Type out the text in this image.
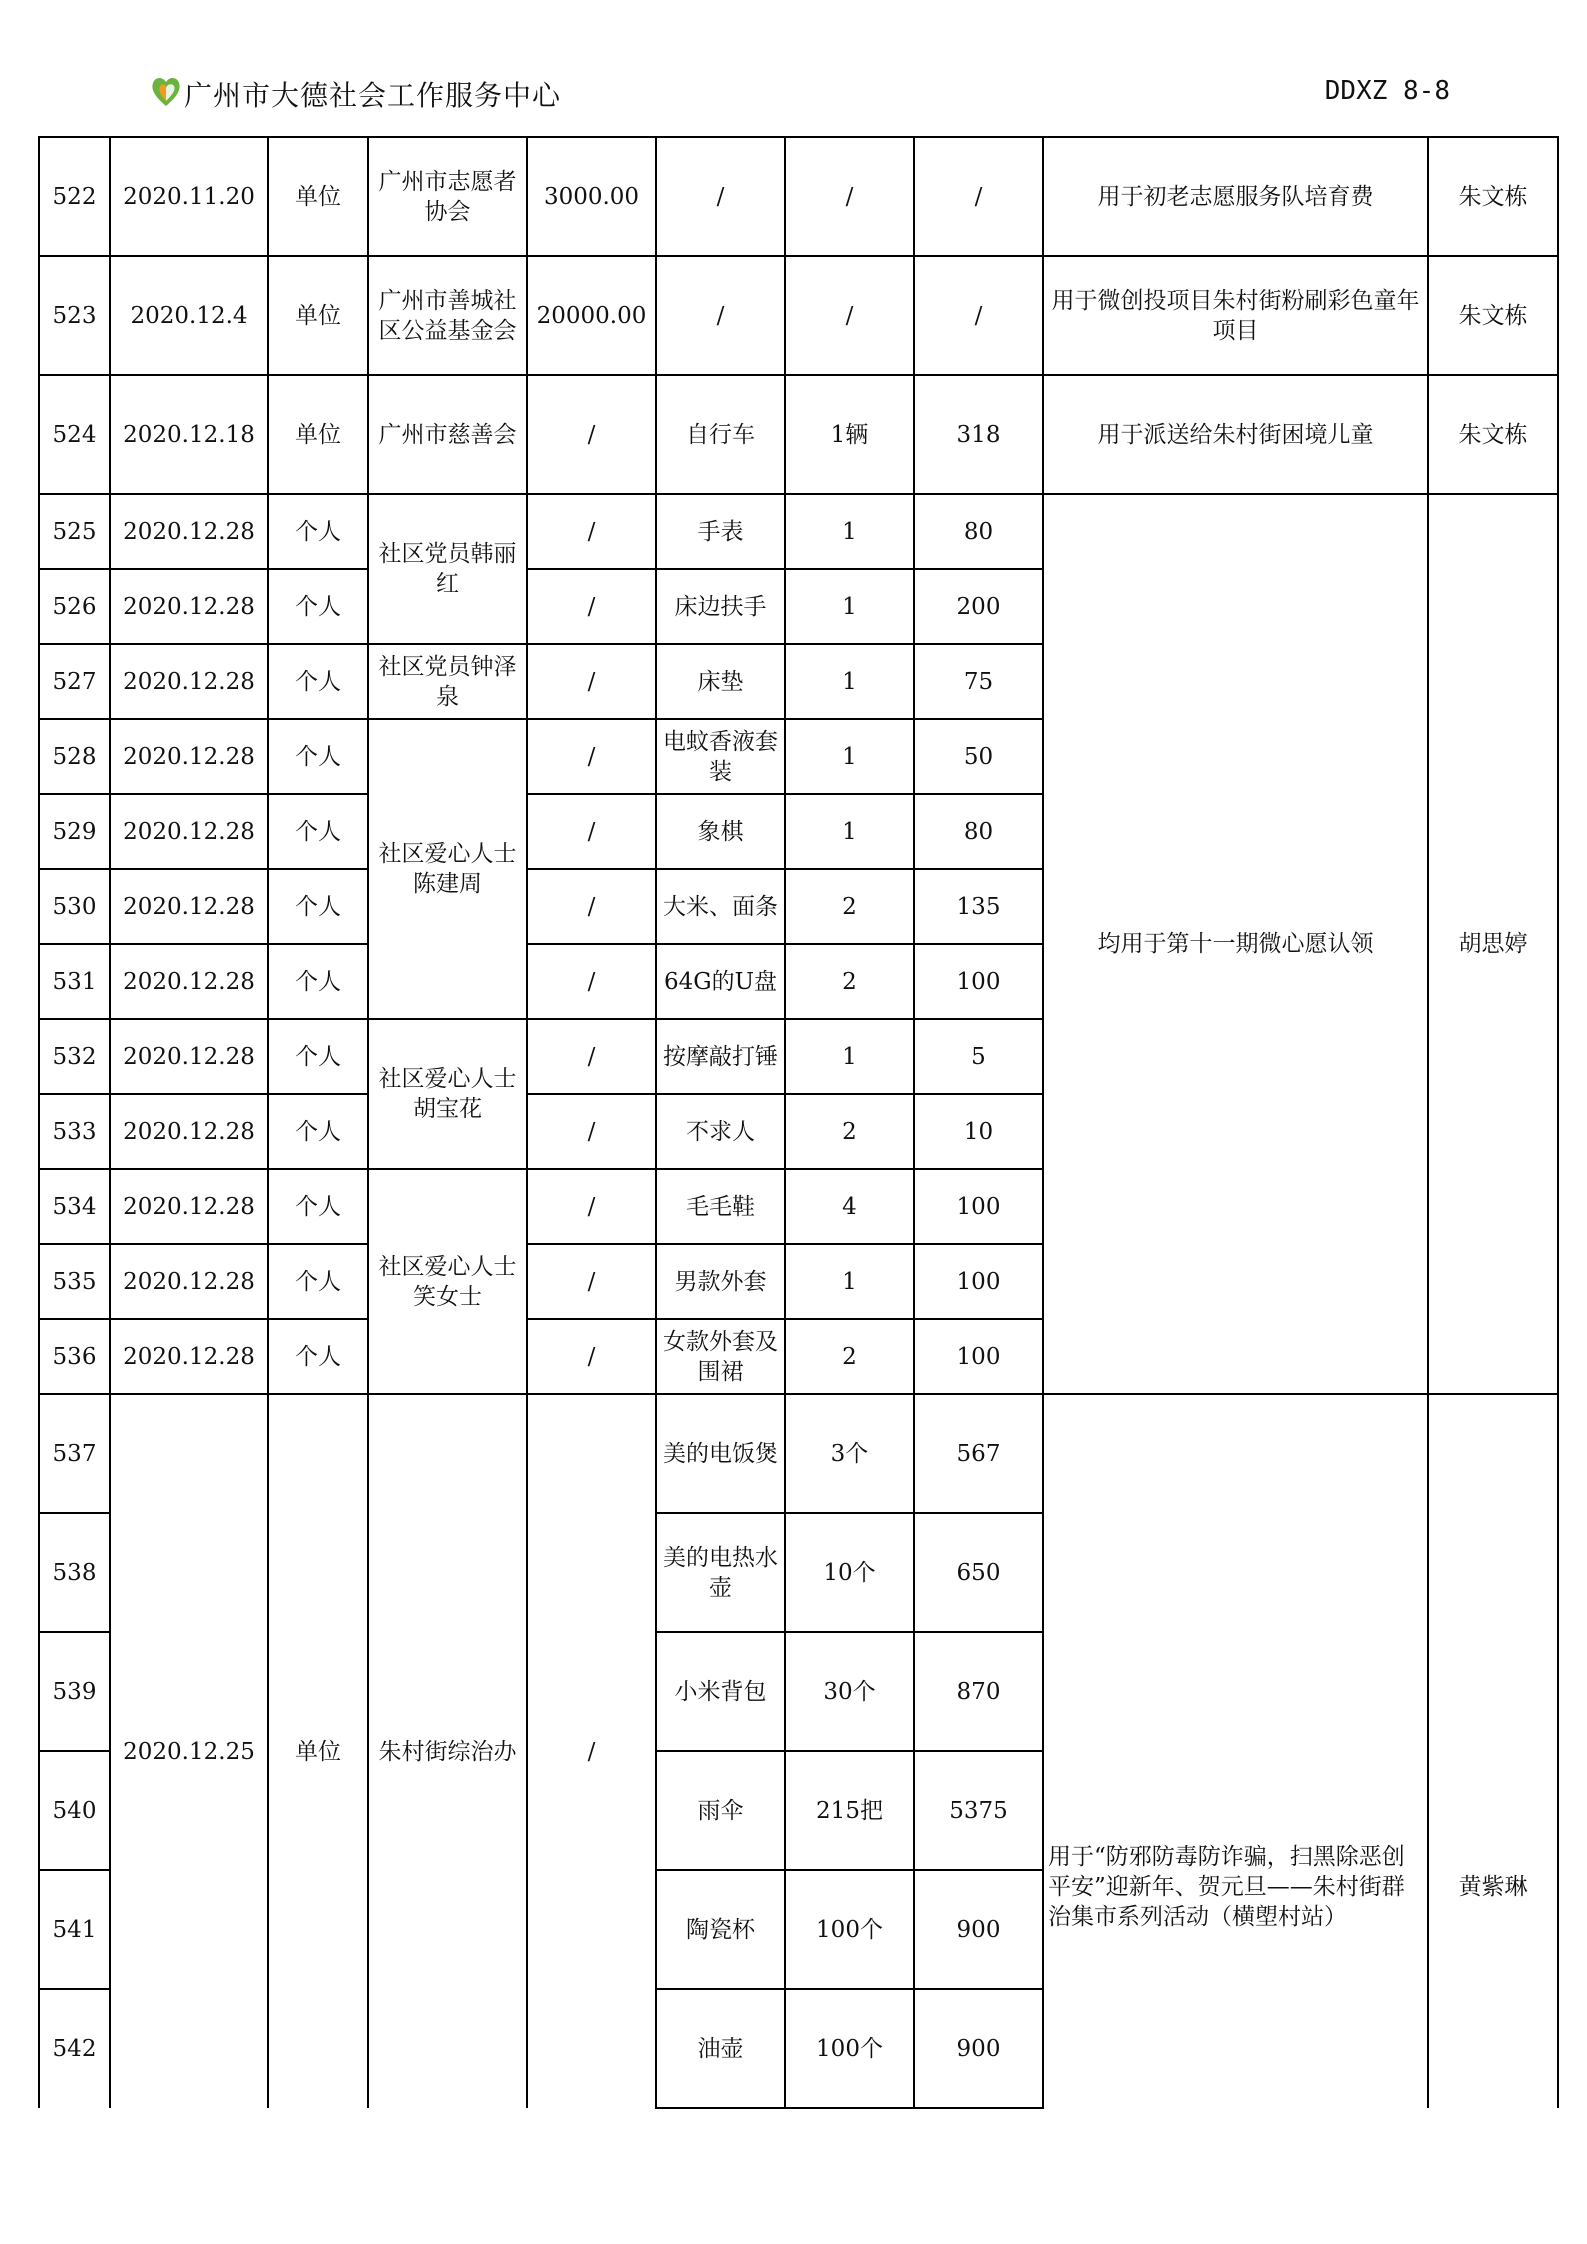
广州市大德社会工作服务中心	DDXZ 8-8
522	2020.11.20	单位	广州市志愿者协会	3000.00	/	/	/	用于初老志愿服务队培育费	朱文栋
523	2020.12.4	单位	广州市善城社区公益基金会	20000.00	/	/	/	用于微创投项目朱村街粉刷彩色童年项目	朱文栋
524	2020.12.18	单位	广州市慈善会	/	自行车	1辆	318	用于派送给朱村街困境儿童	朱文栋
525	2020.12.28	个人	社区党员韩丽红	/	手表	1	80	均用于第十一期微心愿认领	胡思婷
526	2020.12.28	个人		/	床边扶手	1	200		
527	2020.12.28	个人	社区党员钟泽泉	/	床垫	1	75		
528	2020.12.28	个人	社区爱心人士陈建周	/	电蚊香液套装	1	50		
529	2020.12.28	个人		/	象棋	1	80		
530	2020.12.28	个人		/	大米、面条	2	135		
531	2020.12.28	个人		/	64G的U盘	2	100		
532	2020.12.28	个人	社区爱心人士胡宝花	/	按摩敲打锤	1	5		
533	2020.12.28	个人		/	不求人	2	10		
534	2020.12.28	个人	社区爱心人士笑女士	/	毛毛鞋	4	100		
535	2020.12.28	个人		/	男款外套	1	100		
536	2020.12.28	个人		/	女款外套及围裙	2	100		
537	2020.12.25	单位	朱村街综治办	/	美的电饭煲	3个	567	用于“防邪防毒防诈骗，扫黑除恶创平安”迎新年、贺元旦——朱村街群治集市系列活动（横塱村站）	黄紫琳
538					美的电热水壶	10个	650		
539					小米背包	30个	870		
540					雨伞	215把	5375		
541					陶瓷杯	100个	900		
542					油壶	100个	900		
